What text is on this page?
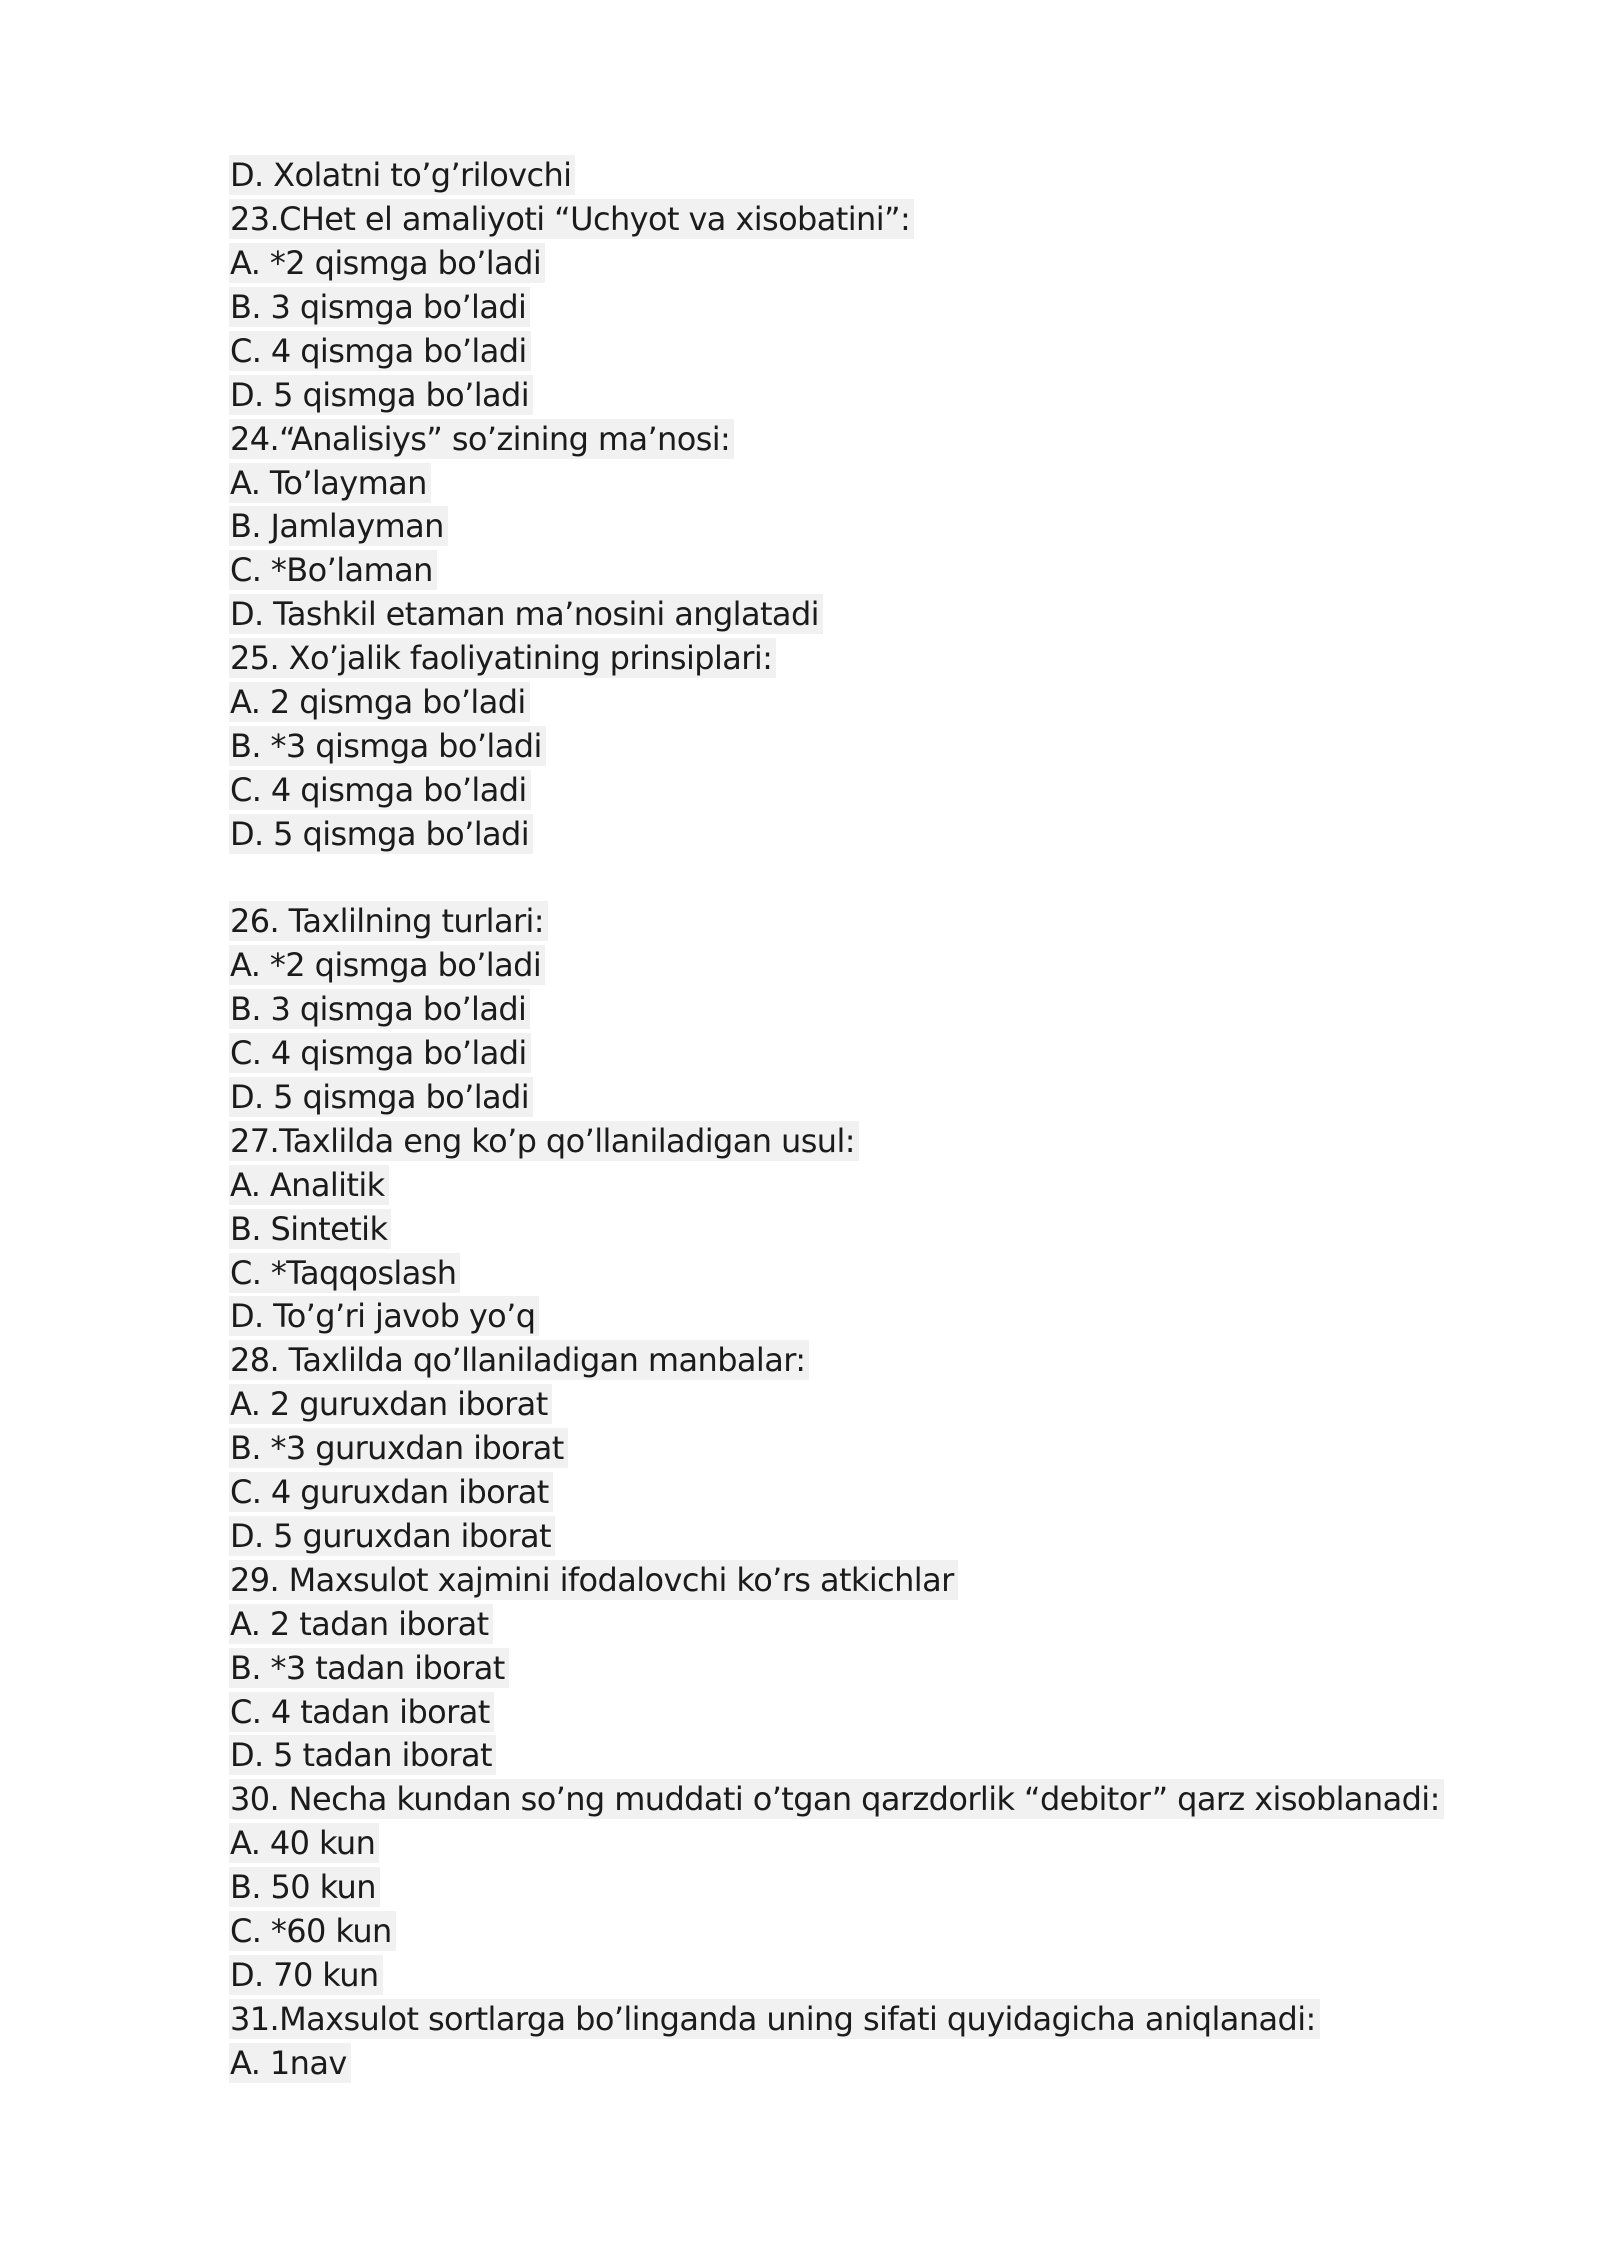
D. Xolatni to’g’rilovchi
23.CHet el amaliyoti “Uchyot va xisobatini”:
A. *2 qismga bo’ladi
B. 3 qismga bo’ladi
C. 4 qismga bo’ladi
D. 5 qismga bo’ladi
24.“Analisiys” so’zining ma’nosi:
A. To’layman
B. Jamlayman
C. *Bo’laman
D. Tashkil etaman ma’nosini anglatadi
25. Xo’jalik faoliyatining prinsiplari:
A. 2 qismga bo’ladi
B. *3 qismga bo’ladi
C. 4 qismga bo’ladi
D. 5 qismga bo’ladi
26. Taxlilning turlari:
A. *2 qismga bo’ladi
B. 3 qismga bo’ladi
C. 4 qismga bo’ladi
D. 5 qismga bo’ladi
27.Taxlilda eng ko’p qo’llaniladigan usul:
A. Analitik
B. Sintetik
C. *Taqqoslash
D. To’g’ri javob yo’q
28. Taxlilda qo’llaniladigan manbalar:
A. 2 guruxdan iborat
B. *3 guruxdan iborat
C. 4 guruxdan iborat
D. 5 guruxdan iborat
29. Maxsulot xajmini ifodalovchi ko’rs atkichlar
A. 2 tadan iborat
B. *3 tadan iborat
C. 4 tadan iborat
D. 5 tadan iborat
30. Necha kundan so’ng muddati o’tgan qarzdorlik “debitor” qarz xisoblanadi:
A. 40 kun
B. 50 kun
C. *60 kun
D. 70 kun
31.Maxsulot sortlarga bo’linganda uning sifati quyidagicha aniqlanadi:
A. 1nav
